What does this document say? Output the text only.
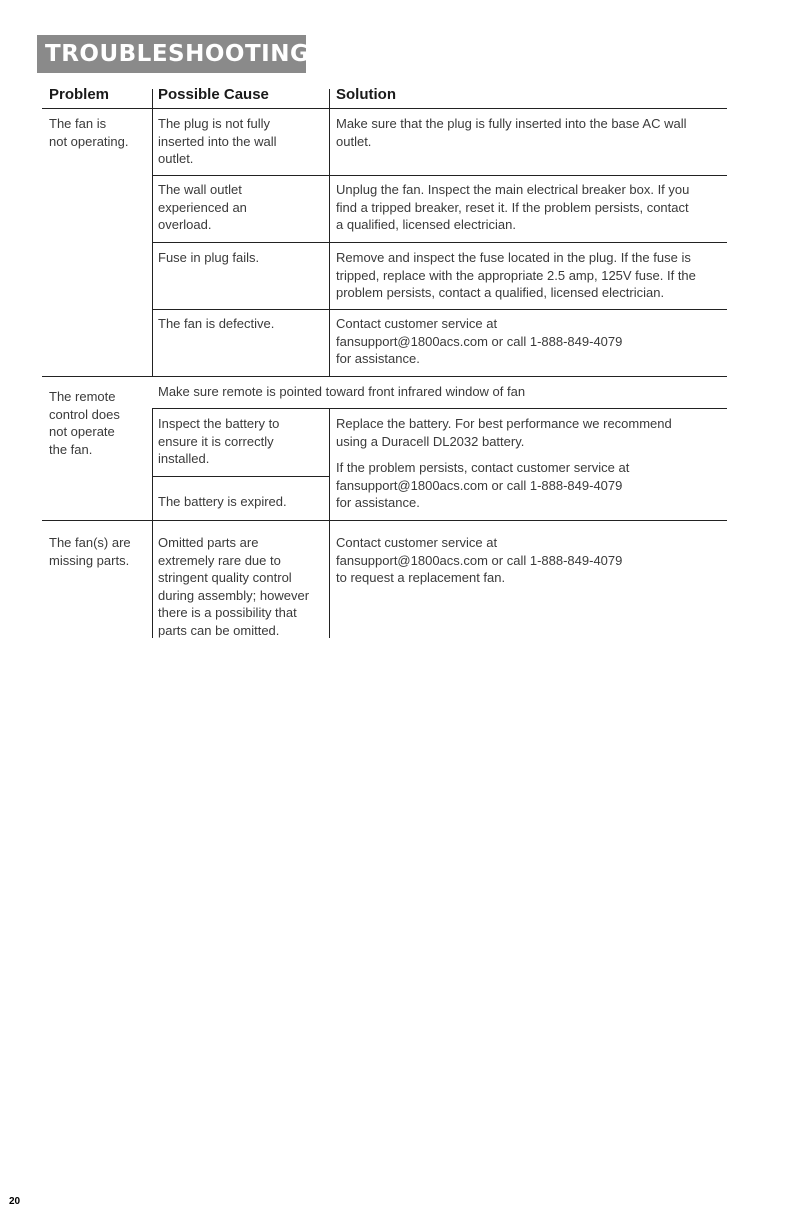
TROUBLESHOOTING
Problem	Possible Cause	Solution
The fan is
not operating.
The remote
control does
not operate
the fan.
The fan(s) are
missing parts.
The plug is not fully
inserted into the wall
outlet.
The wall outlet
experienced an
overload.
Fuse in plug fails.
The fan is defective.
Inspect the battery to
ensure it is correctly
installed.
The battery is expired.
Omitted parts are
extremely rare due to
stringent quality control
during assembly; however
there is a possibility that
parts can be omitted.
Make sure that the plug is fully inserted into the base AC wall
outlet.
Unplug the fan. Inspect the main electrical breaker box. If you
find a tripped breaker, reset it. If the problem persists, contact
a qualified, licensed electrician.
Remove and inspect the fuse located in the plug. If the fuse is
tripped, replace with the appropriate 2.5 amp, 125V fuse. If the
problem persists, contact a qualified, licensed electrician.
Contact customer service at
fansupport@1800acs.com or call 1-888-849-4079
for assistance.
Make sure remote is pointed toward front infrared window of fan
Replace the battery. For best performance we recommend
using a Duracell DL2032 battery.
If the problem persists, contact customer service at
fansupport@1800acs.com or call 1-888-849-4079
for assistance.
Contact customer service at
fansupport@1800acs.com or call 1-888-849-4079
to request a replacement fan.
20
